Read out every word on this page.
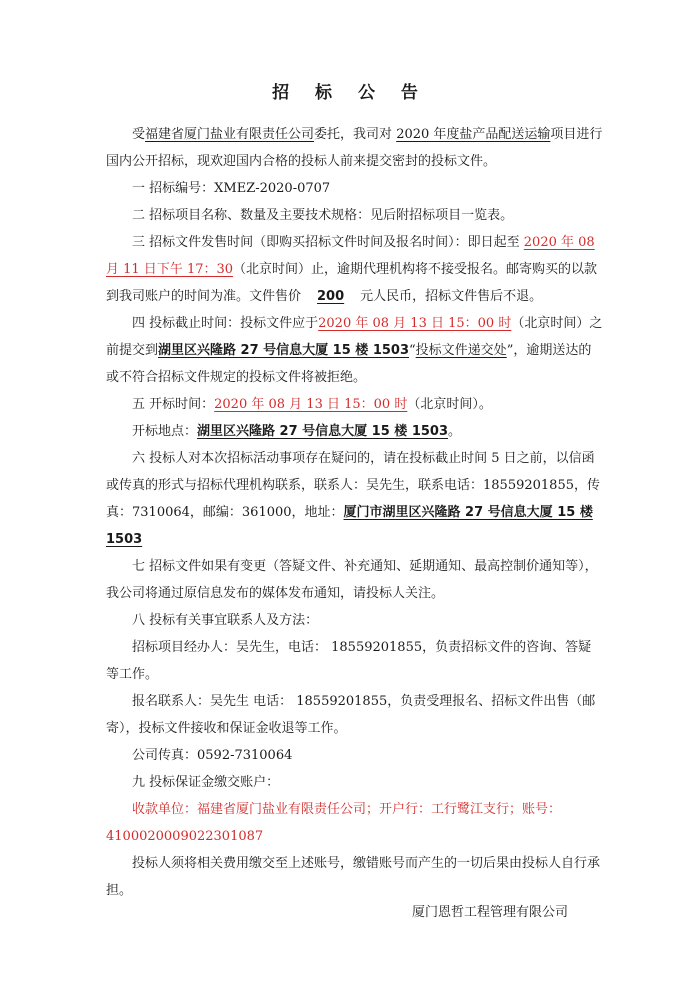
招 标 公 告

受福建省厦门盐业有限责任公司委托，我司对 2020 年度盐产品配送运输项目进行国内公开招标，现欢迎国内合格的投标人前来提交密封的投标文件。

一 招标编号：XMEZ-2020-0707

二 招标项目名称、数量及主要技术规格：见后附招标项目一览表。

三 招标文件发售时间（即购买招标文件时间及报名时间）：即日起至 2020 年 08 月 11 日下午 17：30（北京时间）止，逾期代理机构将不接受报名。邮寄购买的以款到我司账户的时间为准。文件售价 200 元人民币，招标文件售后不退。

四 投标截止时间：投标文件应于2020 年 08 月 13 日 15：00 时（北京时间）之前提交到湖里区兴隆路 27 号信息大厦 15 楼 1503“投标文件递交处”，逾期送达的或不符合招标文件规定的投标文件将被拒绝。

五 开标时间：2020 年 08 月 13 日 15：00 时（北京时间）。

开标地点：湖里区兴隆路 27 号信息大厦 15 楼 1503。

六 投标人对本次招标活动事项存在疑问的，请在投标截止时间 5 日之前，以信函或传真的形式与招标代理机构联系，联系人：吴先生，联系电话：18559201855，传真：7310064，邮编：361000，地址：厦门市湖里区兴隆路 27 号信息大厦 15 楼 1503

七 招标文件如果有变更（答疑文件、补充通知、延期通知、最高控制价通知等），我公司将通过原信息发布的媒体发布通知，请投标人关注。

八 投标有关事宜联系人及方法：

招标项目经办人：吴先生，电话： 18559201855，负责招标文件的咨询、答疑等工作。

报名联系人：吴先生 电话： 18559201855，负责受理报名、招标文件出售（邮寄），投标文件接收和保证金收退等工作。

公司传真：0592-7310064

九 投标保证金缴交账户：

收款单位：福建省厦门盐业有限责任公司；开户行：工行鹭江支行；账号：4100020009022301087

投标人须将相关费用缴交至上述账号，缴错账号而产生的一切后果由投标人自行承担。

厦门恩哲工程管理有限公司
